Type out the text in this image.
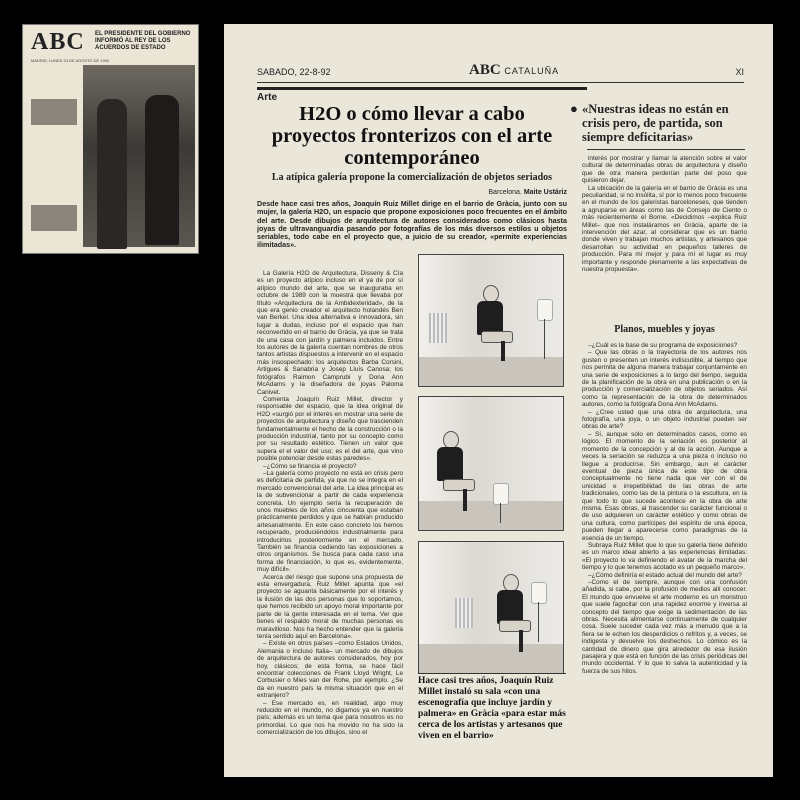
ABC
MADRID, LUNES 24 DE AGOSTO DE 1992
EL PRESIDENTE DEL GOBIERNO INFORMÓ AL REY DE LOS ACUERDOS DE ESTADO
SABADO, 22-8-92	ABC CATALUÑA	XI
Arte
H2O o cómo llevar a cabo proyectos fronterizos con el arte contemporáneo
La atípica galería propone la comercialización de objetos seriados
Barcelona. Maite Ustáriz
Desde hace casi tres años, Joaquín Ruiz Millet dirige en el barrio de Gràcia, junto con su mujer, la galería H2O, un espacio que propone exposiciones poco frecuentes en el ámbito del arte. Desde dibujos de arquitectura de autores considerados como clásicos hasta joyas de ultravanguardia pasando por fotografías de los más diversos estilos u objetos seriables, todo cabe en el proyecto que, a juicio de su creador, «permite experiencias ilimitadas».
● «Nuestras ideas no están en crisis pero, de partida, son siempre deficitarias»

La Galería H2O de Arquitectura, Disseny & Cía es un proyecto atípico incluso en el ya de por sí atípico mundo del arte, que se inauguraba en octubre de 1989 con la muestra que llevaba por título «Arquitectura de la Ambidexteridad», de la que era genio creador el arquitecto holandés Ben van Berkel. Una idea alternativa e innovadora, sin lugar a dudas, incluso por el espacio que han reconvertido en el barrio de Gràcia, ya que se trata de una casa con jardín y palmera incluidos. Entre los autores de la galería cuentan nombres de otros tantos artistas dispuestos a intervenir en el espacio más insospechado: los arquitectos Barba Corsini, Artigues & Sanabria y Josep Lluís Canosa; los fotógrafos Raimon Camprubí y Dona Ann McAdams y la diseñadora de joyas Paloma Canivet.

Comenta Joaquín Ruiz Millet, director y responsable del espacio, que la idea original de H2O «surgió por el interés en mostrar una serie de proyectos de arquitectura y diseño que trascienden fundamentalmente el hecho de la construcción o la producción industrial, tanto por su concepto como por su resultado estético. Tienen un valor que supera el el valor del uso; es el del arte, que vino posible potenciar desde estas paredes».

–¿Cómo se financia el proyecto?

–La galería como proyecto no está en crisis pero es deficitaria de partida, ya que no se integra en el mercado convencional del arte. La idea principal es la de subvencionar a partir de cada experiencia concreta. Un ejemplo sería la recuperación de unos muebles de los años cincuenta que estaban prácticamente perdidos y que se habían producido artesanalmente. En este caso concreto los hemos recuperado, produciéndolos industrialmente para introducirlos posteriormente en el mercado. También se financia cediendo las exposiciones a otros organismos. Se busca para cada caso una forma de financiación, lo que es, evidentemente, muy difícil».

Acerca del riesgo que supone una propuesta de esta envergadura, Ruiz Millet apunta que «el proyecto se aguanta básicamente por el interés y la ilusión de las dos personas que lo soportamos, que hemos recibido un apoyo moral importante por parte de la gente interesada en el tema. Ver que tienes el respaldo moral de muchas personas es maravilloso. Nos ha hecho entender que la galería tenía sentido aquí en Barcelona».

– Existe en otros países –como Estados Unidos, Alemania o incluso Italia– un mercado de dibujos de arquitectura de autores considerados, hoy por hoy, clásicos; de esta forma, se hace fácil encontrar colecciones de Frank Lloyd Wright, Le Corbusier o Mies van der Rohe, por ejemplo. ¿Se da en nuestro país la misma situación que en el extranjero?

– Ese mercado es, en realidad, algo muy reducido en el mundo, no digamos ya en nuestro país; además es un tema que para nosotros es no primordial. Lo que nos ha movido no ha sido la comercialización de los dibujos, sino el

Hace casi tres años, Joaquín Ruiz Millet instaló su sala «con una escenografía que incluye jardín y palmera» en Gràcia «para estar más cerca de los artistas y artesanos que viven en el barrio»

interés por mostrar y llamar la atención sobre el valor cultural de determinadas obras de arquitectura y diseño que de otra manera perderían parte del poso que quisieron dejar.

La ubicación de la galería en el barrio de Gràcia es una peculiaridad, si no insólita, sí por lo menos poco frecuente en el mundo de los galeristas barceloneses, que tienden a agruparse en áreas como las de Consejo de Ciento o más recientemente el Borne. «Decidimos –explica Ruiz Millet– que nos instaláramos en Gràcia, aparte de la intervención del azar, al considerar que es un barrio donde viven y trabajan muchos artistas, y artesanos que desarrollan su actividad en pequeños talleres de producción. Para mí mejor y para mí el lugar es muy importante y responde plenamente a las expectativas de nuestra propuesta».

Planos, muebles y joyas

–¿Cuál es la base de su programa de exposiciones?

– Que las obras o la trayectoria de los autores nos gusten o presenten un interés indiscutible, al tiempo que nos permita de alguna manera trabajar conjuntamente en una serie de exposiciones a lo largo del tiempo, seguida de la planificación de la obra en una publicación o en la producción y comercialización de objetos seriados. Así como la representación de la obra de determinados autores, como la fotógrafa Dona Ann McAdams.

– ¿Cree usted que una obra de arquitectura, una fotografía, una joya, o un objeto industrial pueden ser obras de arte?

– Sí, aunque solo en determinados casos, como es lógico. El momento de la seriación es posterior al momento de la concepción y al de la acción. Aunque a veces la seriación se reduzca a una pieza o incluso no llegue a producirse. Sin embargo, aun el carácter eventual de pieza única de este tipo de obra conceptualmente no tiene nada que ver con el de unicidad e irrepetibilidad de las obras de arte tradicionales, como las de la pintura o la escultura, en la que todo lo que sucede acontece en la obra de arte misma. Esas obras, al trascender su carácter funcional o de uso adquieren un carácter estético y como obras de una cultura, como partícipes del espíritu de una época, pueden llegar a aparecerse como paradigmas de la esencia de un tiempo.

Subraya Ruiz Millet que lo que su galería tiene definido es un marco ideal abierto a las experiencias ilimitadas: «El proyecto lo va definiendo el avatar de la marcha del tiempo y lo que tenemos acotado es un pequeño marco».

–¿Cómo definiría el estado actual del mundo del arte?

–Como el de siempre, aunque con una confusión añadida, si cabe, por la profusión de medios allí conocer. El mundo que envuelve el arte moderno es un monstruo que suele fagocitar con una rapidez enorme y inversa al concepto del tiempo que exige la sedimentación de las obras. Necesita alimentarse continuamente de cualquier cosa. Suele suceder cada vez más a menudo que a la fiera se le echen los desperdicios o refritos y, a veces, se indigesta y devuelve los deshechos. Lo cómico es la cantidad de dinero que gira alrededor de esa ilusión pasajera y que está en función de las crisis periódicas del mundo occidental. Y lo que lo salva la autenticidad y la fuerza de sus hitos.
